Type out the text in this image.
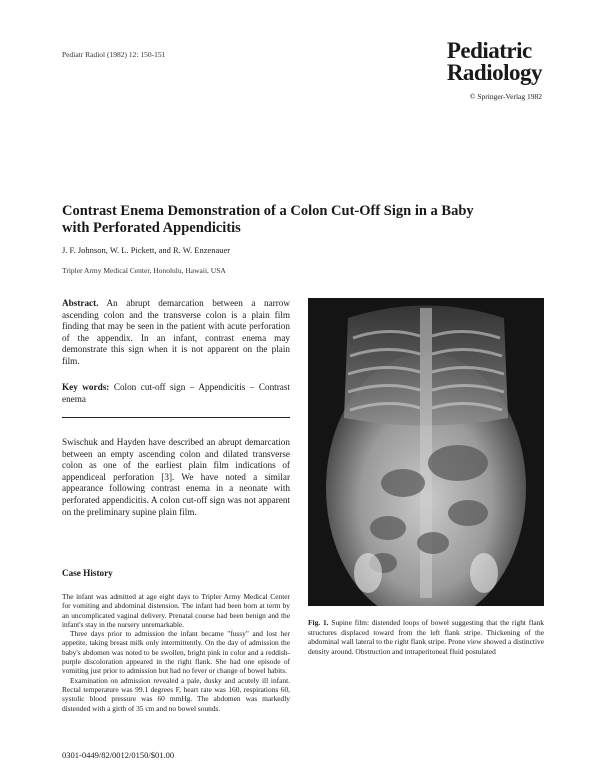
Pediatr Radiol (1982) 12: 150-151	Pediatric
Radiology
© Springer-Verlag 1982
Contrast Enema Demonstration of a Colon Cut-Off Sign in a Baby with Perforated Appendicitis
J. F. Johnson, W. L. Pickett, and R. W. Enzenauer
Tripler Army Medical Center, Honolulu, Hawaii, USA
Abstract. An abrupt demarcation between a narrow ascending colon and the transverse colon is a plain film finding that may be seen in the patient with acute perforation of the appendix. In an infant, contrast enema may demonstrate this sign when it is not apparent on the plain film.
Key words: Colon cut-off sign – Appendicitis – Contrast enema
Swischuk and Hayden have described an abrupt demarcation between an empty ascending colon and dilated transverse colon as one of the earliest plain film indications of appendiceal perforation [3]. We have noted a similar appearance following contrast enema in a neonate with perforated appendicitis. A colon cut-off sign was not apparent on the preliminary supine plain film.
Case History

The infant was admitted at age eight days to Tripler Army Medical Center for vomiting and abdominal distension. The infant had been born at term by an uncomplicated vaginal delivery. Prenatal course had been benign and the infant's stay in the nursery unremarkable.

Three days prior to admission the infant became "fussy" and lost her appetite, taking breast milk only intermittently. On the day of admission the baby's abdomen was noted to be swollen, bright pink in color and a reddish-purple discoloration appeared in the right flank. She had one episode of vomiting just prior to admission but had no fever or change of bowel habits.

Examination on admission revealed a pale, dusky and acutely ill infant. Rectal temperature was 99.1 degrees F, heart rate was 160, respirations 60, systolic blood pressure was 60 mmHg. The abdomen was markedly distended with a girth of 35 cm and no bowel sounds.

Fig. 1. Supine film: distended loops of bowel suggesting that the right flank structures displaced toward from the left flank stripe. Thickening of the abdominal wall lateral to the right flank stripe. Prone view showed a distinctive density around. Obstruction and intraperitoneal fluid postulated
0301-0449/82/0012/0150/$01.00
